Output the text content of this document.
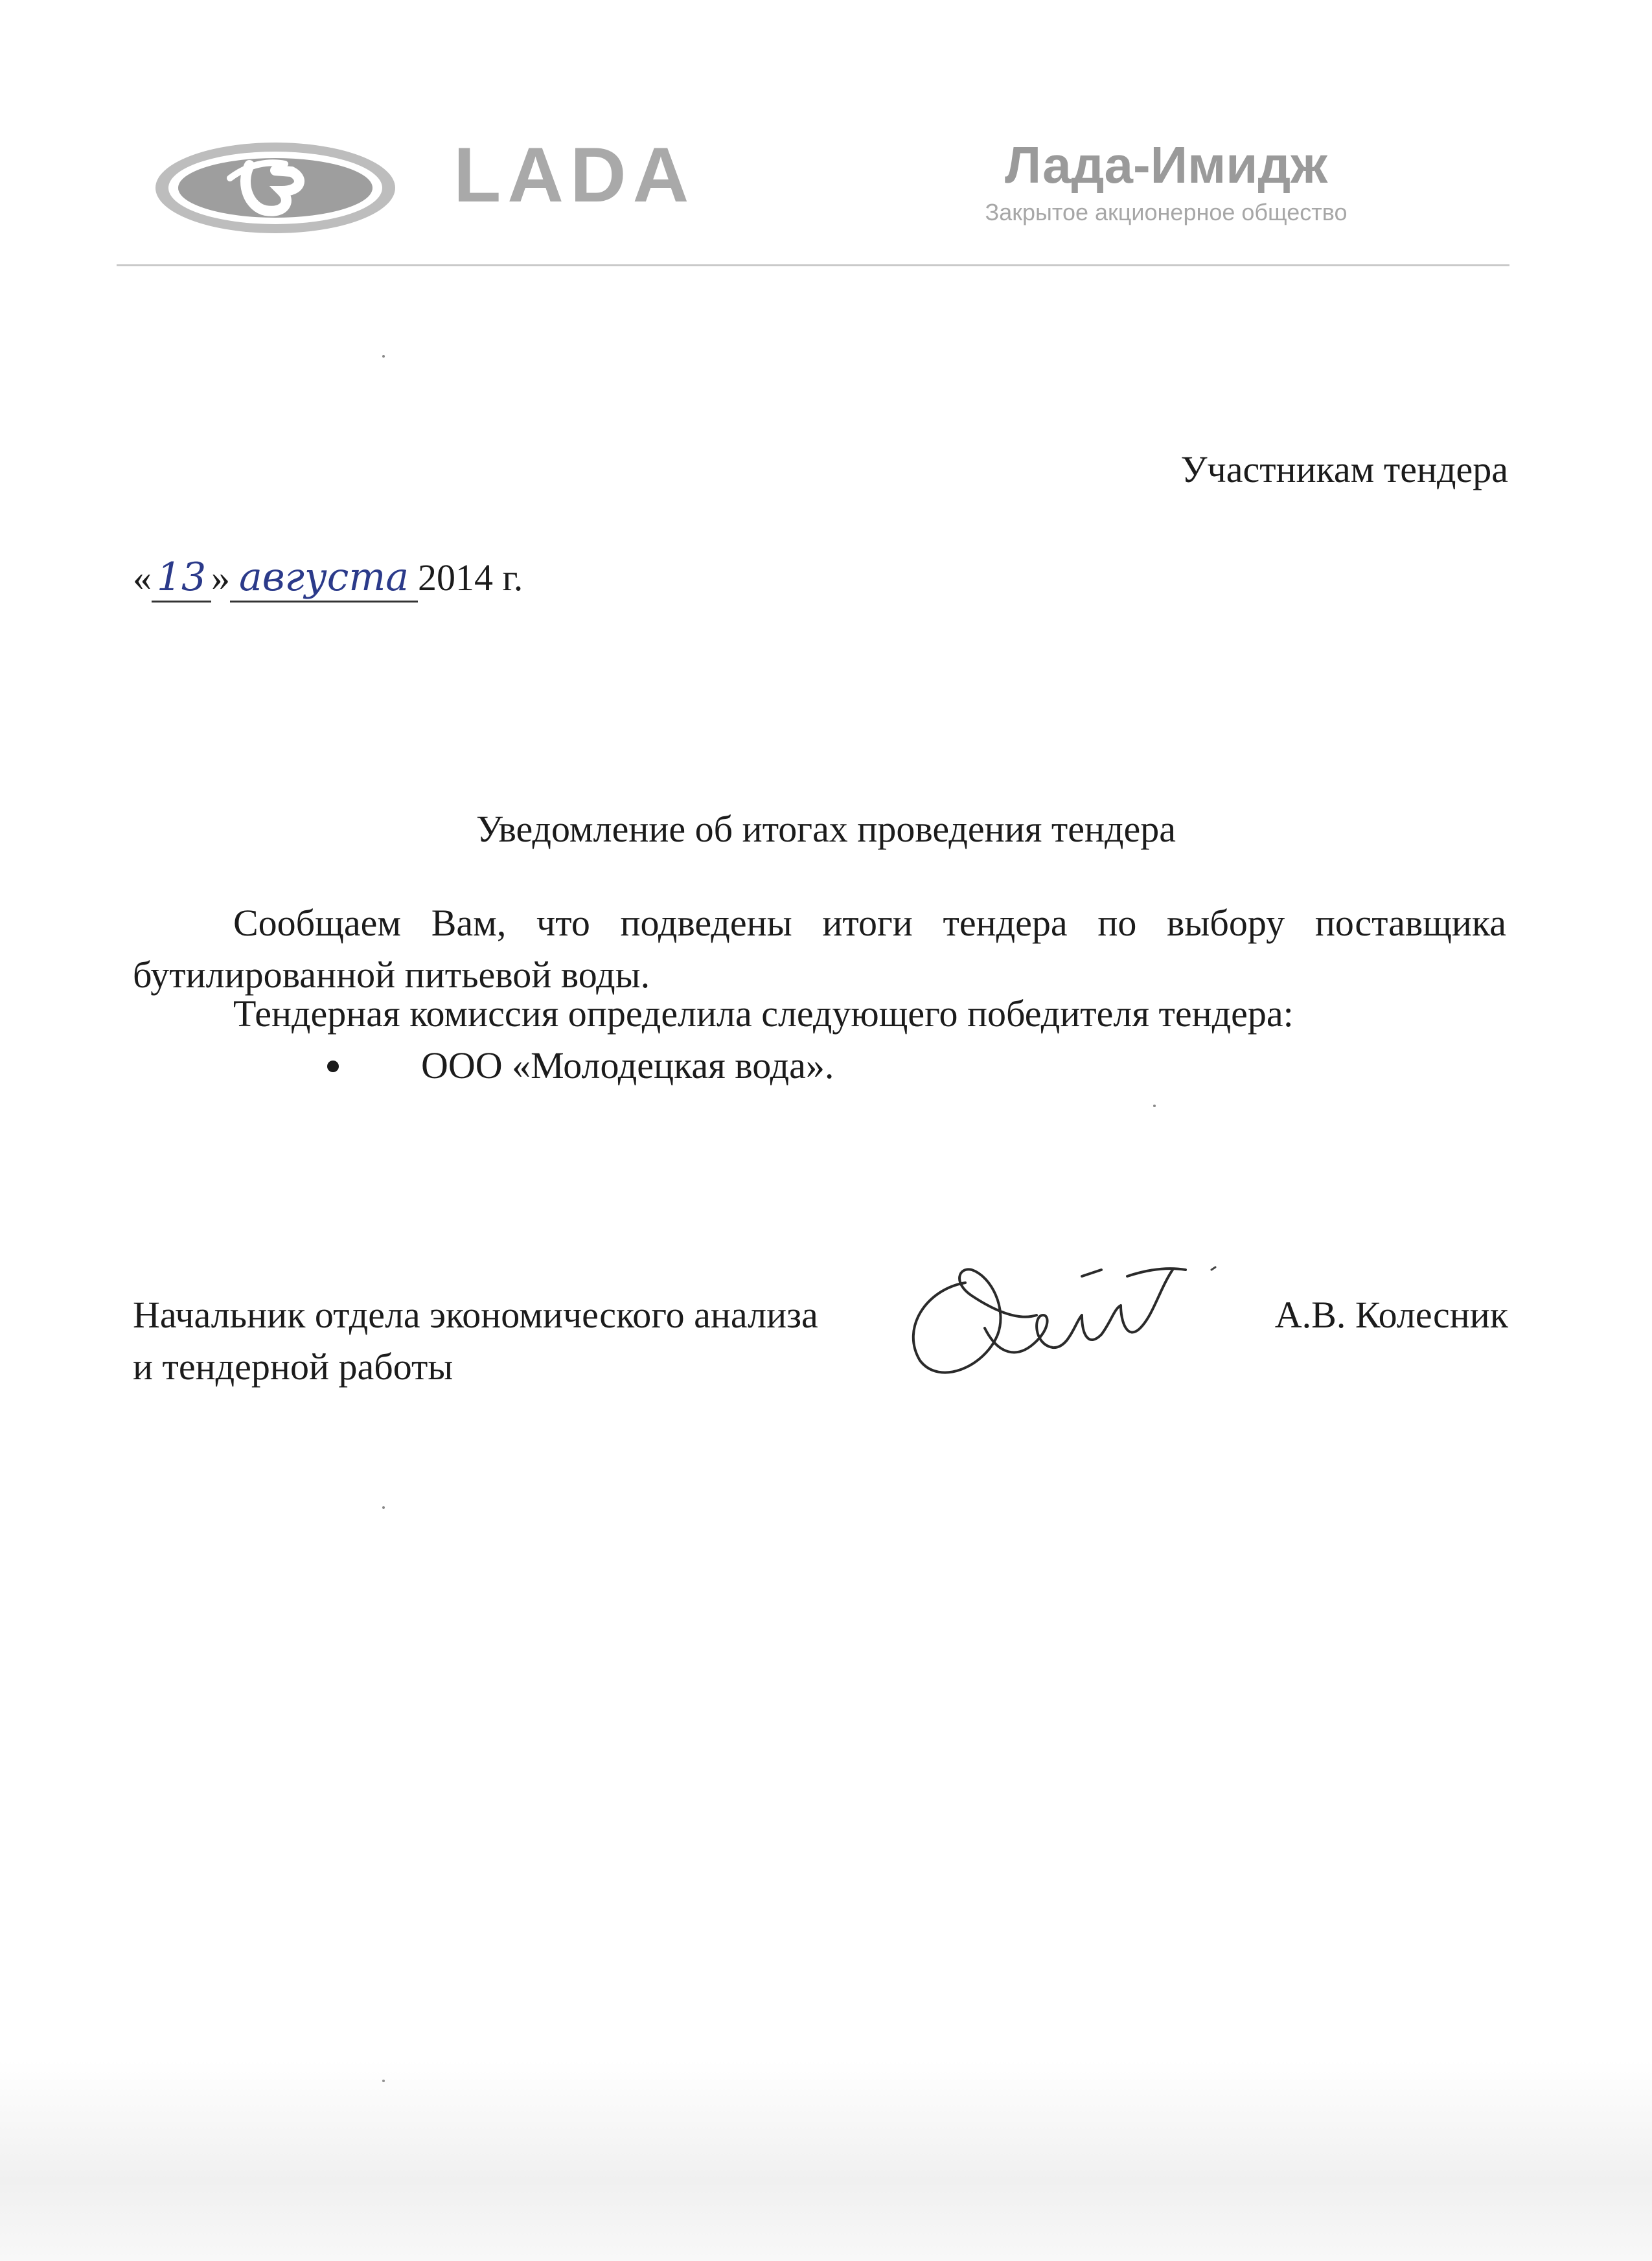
LADA	Лада-Имидж
Закрытое акционерное общество
Участникам тендера
« 13 » августа 2014 г.
Уведомление об итогах проведения тендера
Сообщаем Вам, что подведены итоги тендера по выбору поставщика бутилированной питьевой воды.
Тендерная комиссия определила следующего победителя тендера:
ООО «Молодецкая вода».
Начальник отдела экономического анализа
и тендерной работы
А.В. Колесник
